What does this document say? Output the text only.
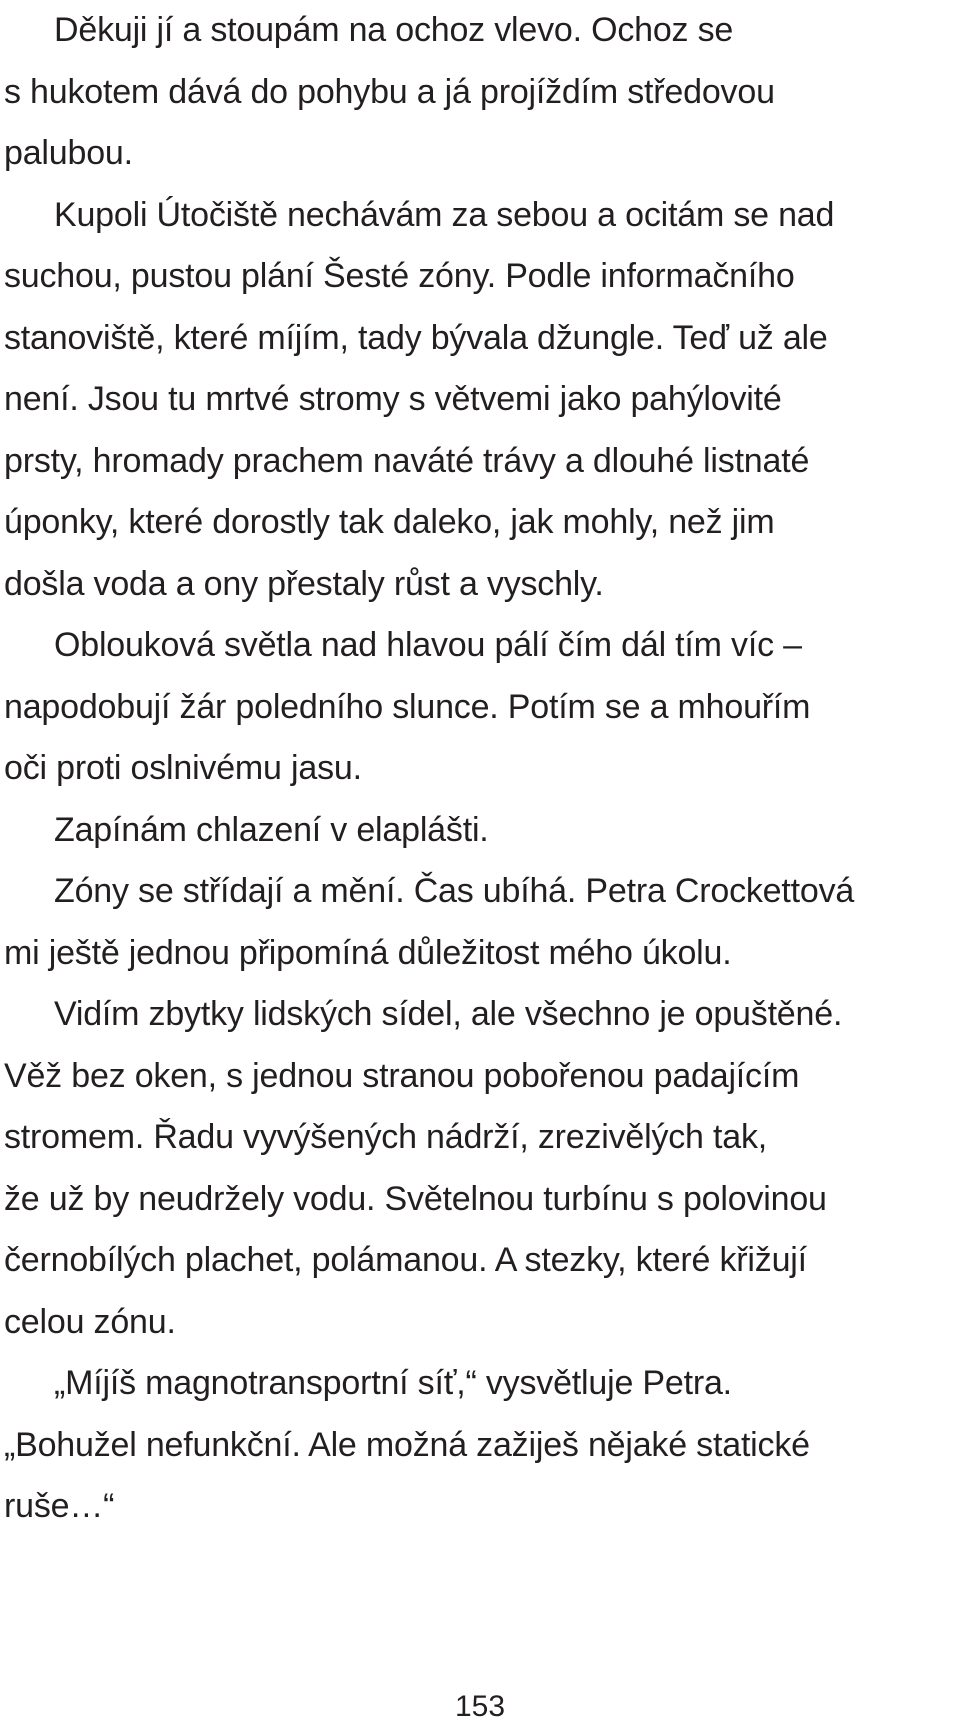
Děkuji jí a stoupám na ochoz vlevo. Ochoz se
s hukotem dává do pohybu a já projíždím středovou
palubou.
Kupoli Útočiště nechávám za sebou a ocitám se nad
suchou, pustou plání Šesté zóny. Podle informačního
stanoviště, které míjím, tady bývala džungle. Teď už ale
není. Jsou tu mrtvé stromy s větvemi jako pahýlovité
prsty, hromady prachem naváté trávy a dlouhé listnaté
úponky, které dorostly tak daleko, jak mohly, než jim
došla voda a ony přestaly růst a vyschly.
Oblouková světla nad hlavou pálí čím dál tím víc –
napodobují žár poledního slunce. Potím se a mhouřím
oči proti oslnivému jasu.
Zapínám chlazení v elaplášti.
Zóny se střídají a mění. Čas ubíhá. Petra Crockettová
mi ještě jednou připomíná důležitost mého úkolu.
Vidím zbytky lidských sídel, ale všechno je opuštěné.
Věž bez oken, s jednou stranou pobořenou padajícím
stromem. Řadu vyvýšených nádrží, zrezivělých tak,
že už by neudržely vodu. Světelnou turbínu s polovinou
černobílých plachet, polámanou. A stezky, které křižují
celou zónu.
„Míjíš magnotransportní síť,“ vysvětluje Petra.
„Bohužel nefunkční. Ale možná zažiješ nějaké statické
ruše…“
153
